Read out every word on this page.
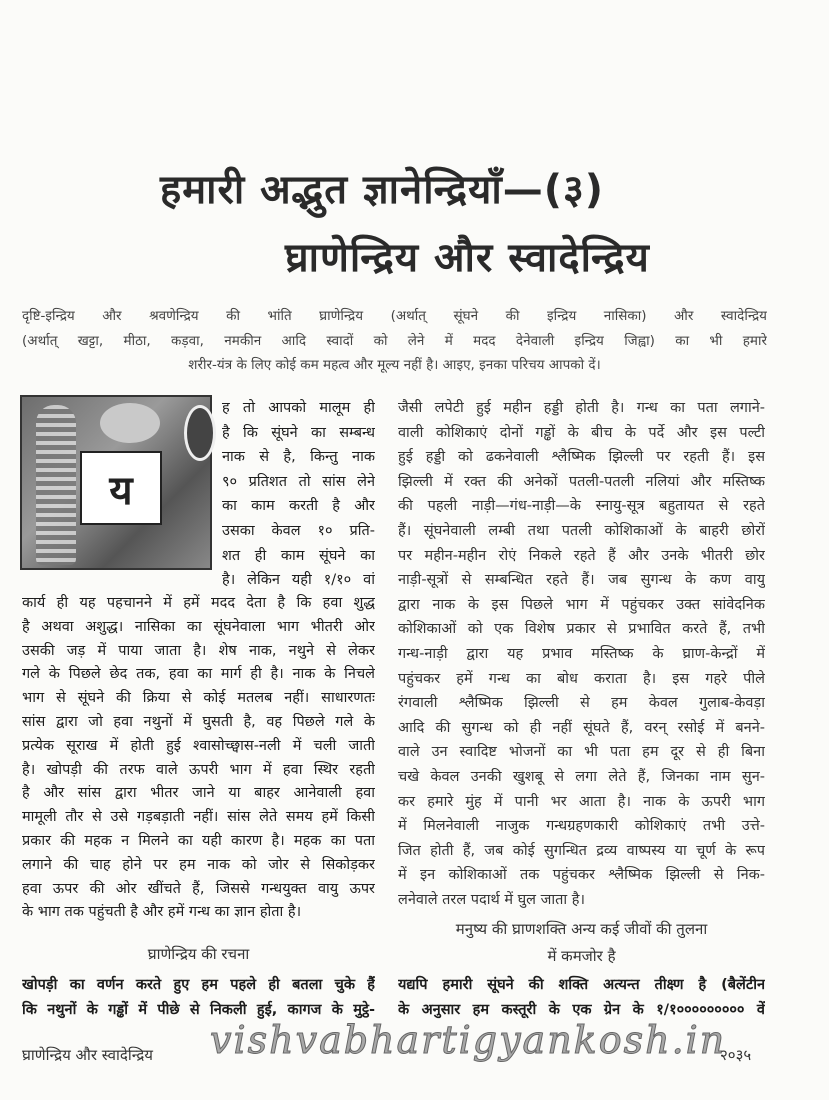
हमारी अद्भुत ज्ञानेन्द्रियाँ—(३)
घ्राणेन्द्रिय और स्वादेन्द्रिय
दृष्टि-इन्द्रिय और श्रवणेन्द्रिय की भांति घ्राणेन्द्रिय (अर्थात् सूंघने की इन्द्रिय नासिका) और स्वादेन्द्रिय
(अर्थात् खट्टा, मीठा, कड़वा, नमकीन आदि स्वादों को लेने में मदद देनेवाली इन्द्रिय जिह्वा) का भी हमारे
शरीर-यंत्र के लिए कोई कम महत्व और मूल्य नहीं है। आइए, इनका परिचय आपको दें।
य
ह तो आपको मालूम ही
है कि सूंघने का सम्बन्ध
नाक से है, किन्तु नाक
९० प्रतिशत तो सांस लेने
का काम करती है और
उसका केवल १० प्रति-
शत ही काम सूंघने का
है। लेकिन यही १/१० वां
कार्य ही यह पहचानने में हमें मदद देता है कि हवा शुद्ध
है अथवा अशुद्ध। नासिका का सूंघनेवाला भाग भीतरी ओर
उसकी जड़ में पाया जाता है। शेष नाक, नथुने से लेकर
गले के पिछले छेद तक, हवा का मार्ग ही है। नाक के निचले
भाग से सूंघने की क्रिया से कोई मतलब नहीं। साधारणतः
सांस द्वारा जो हवा नथुनों में घुसती है, वह पिछले गले के
प्रत्येक सूराख में होती हुई श्वासोच्छ्वास-नली में चली जाती
है। खोपड़ी की तरफ वाले ऊपरी भाग में हवा स्थिर रहती
है और सांस द्वारा भीतर जाने या बाहर आनेवाली हवा
मामूली तौर से उसे गड़बड़ाती नहीं। सांस लेते समय हमें किसी
प्रकार की महक न मिलने का यही कारण है। महक का पता
लगाने की चाह होने पर हम नाक को जोर से सिकोड़कर
हवा ऊपर की ओर खींचते हैं, जिससे गन्धयुक्त वायु ऊपर
के भाग तक पहुंचती है और हमें गन्ध का ज्ञान होता है।
जैसी लपेटी हुई महीन हड्डी होती है। गन्ध का पता लगाने-
वाली कोशिकाएं दोनों गड्ढों के बीच के पर्दे और इस पल्टी
हुई हड्डी को ढकनेवाली श्लैष्मिक झिल्ली पर रहती हैं। इस
झिल्ली में रक्त की अनेकों पतली-पतली नलियां और मस्तिष्क
की पहली नाड़ी—गंध-नाड़ी—के स्नायु-सूत्र बहुतायत से रहते
हैं। सूंघनेवाली लम्बी तथा पतली कोशिकाओं के बाहरी छोरों
पर महीन-महीन रोएं निकले रहते हैं और उनके भीतरी छोर
नाड़ी-सूत्रों से सम्बन्धित रहते हैं। जब सुगन्ध के कण वायु
द्वारा नाक के इस पिछले भाग में पहुंचकर उक्त सांवेदनिक
कोशिकाओं को एक विशेष प्रकार से प्रभावित करते हैं, तभी
गन्ध-नाड़ी द्वारा यह प्रभाव मस्तिष्क के घ्राण-केन्द्रों में
पहुंचकर हमें गन्ध का बोध कराता है। इस गहरे पीले
रंगवाली श्लैष्मिक झिल्ली से हम केवल गुलाब-केवड़ा
आदि की सुगन्ध को ही नहीं सूंघते हैं, वरन् रसोई में बनने-
वाले उन स्वादिष्ट भोजनों का भी पता हम दूर से ही बिना
चखे केवल उनकी खुशबू से लगा लेते हैं, जिनका नाम सुन-
कर हमारे मुंह में पानी भर आता है। नाक के ऊपरी भाग
में मिलनेवाली नाजुक गन्धग्रहणकारी कोशिकाएं तभी उत्ते-
जित होती हैं, जब कोई सुगन्धित द्रव्य वाष्पस्य या चूर्ण के रूप
में इन कोशिकाओं तक पहुंचकर श्लैष्मिक झिल्ली से निक-
लनेवाले तरल पदार्थ में घुल जाता है।
घ्राणेन्द्रिय की रचना
मनुष्य की घ्राणशक्ति अन्य कई जीवों की तुलना
में कमजोर है
खोपड़ी का वर्णन करते हुए हम पहले ही बतला चुके हैं
कि नथुनों के गड्ढों में पीछे से निकली हुई, कागज के मुट्ठे-
यद्यपि हमारी सूंघने की शक्ति अत्यन्त तीक्ष्ण है (बैलेंटीन
के अनुसार हम कस्तूरी के एक ग्रेन के १/१००००००००० वें
vishvabhartigyankosh.in
घ्राणेन्द्रिय और स्वादेन्द्रिय	२०३५
